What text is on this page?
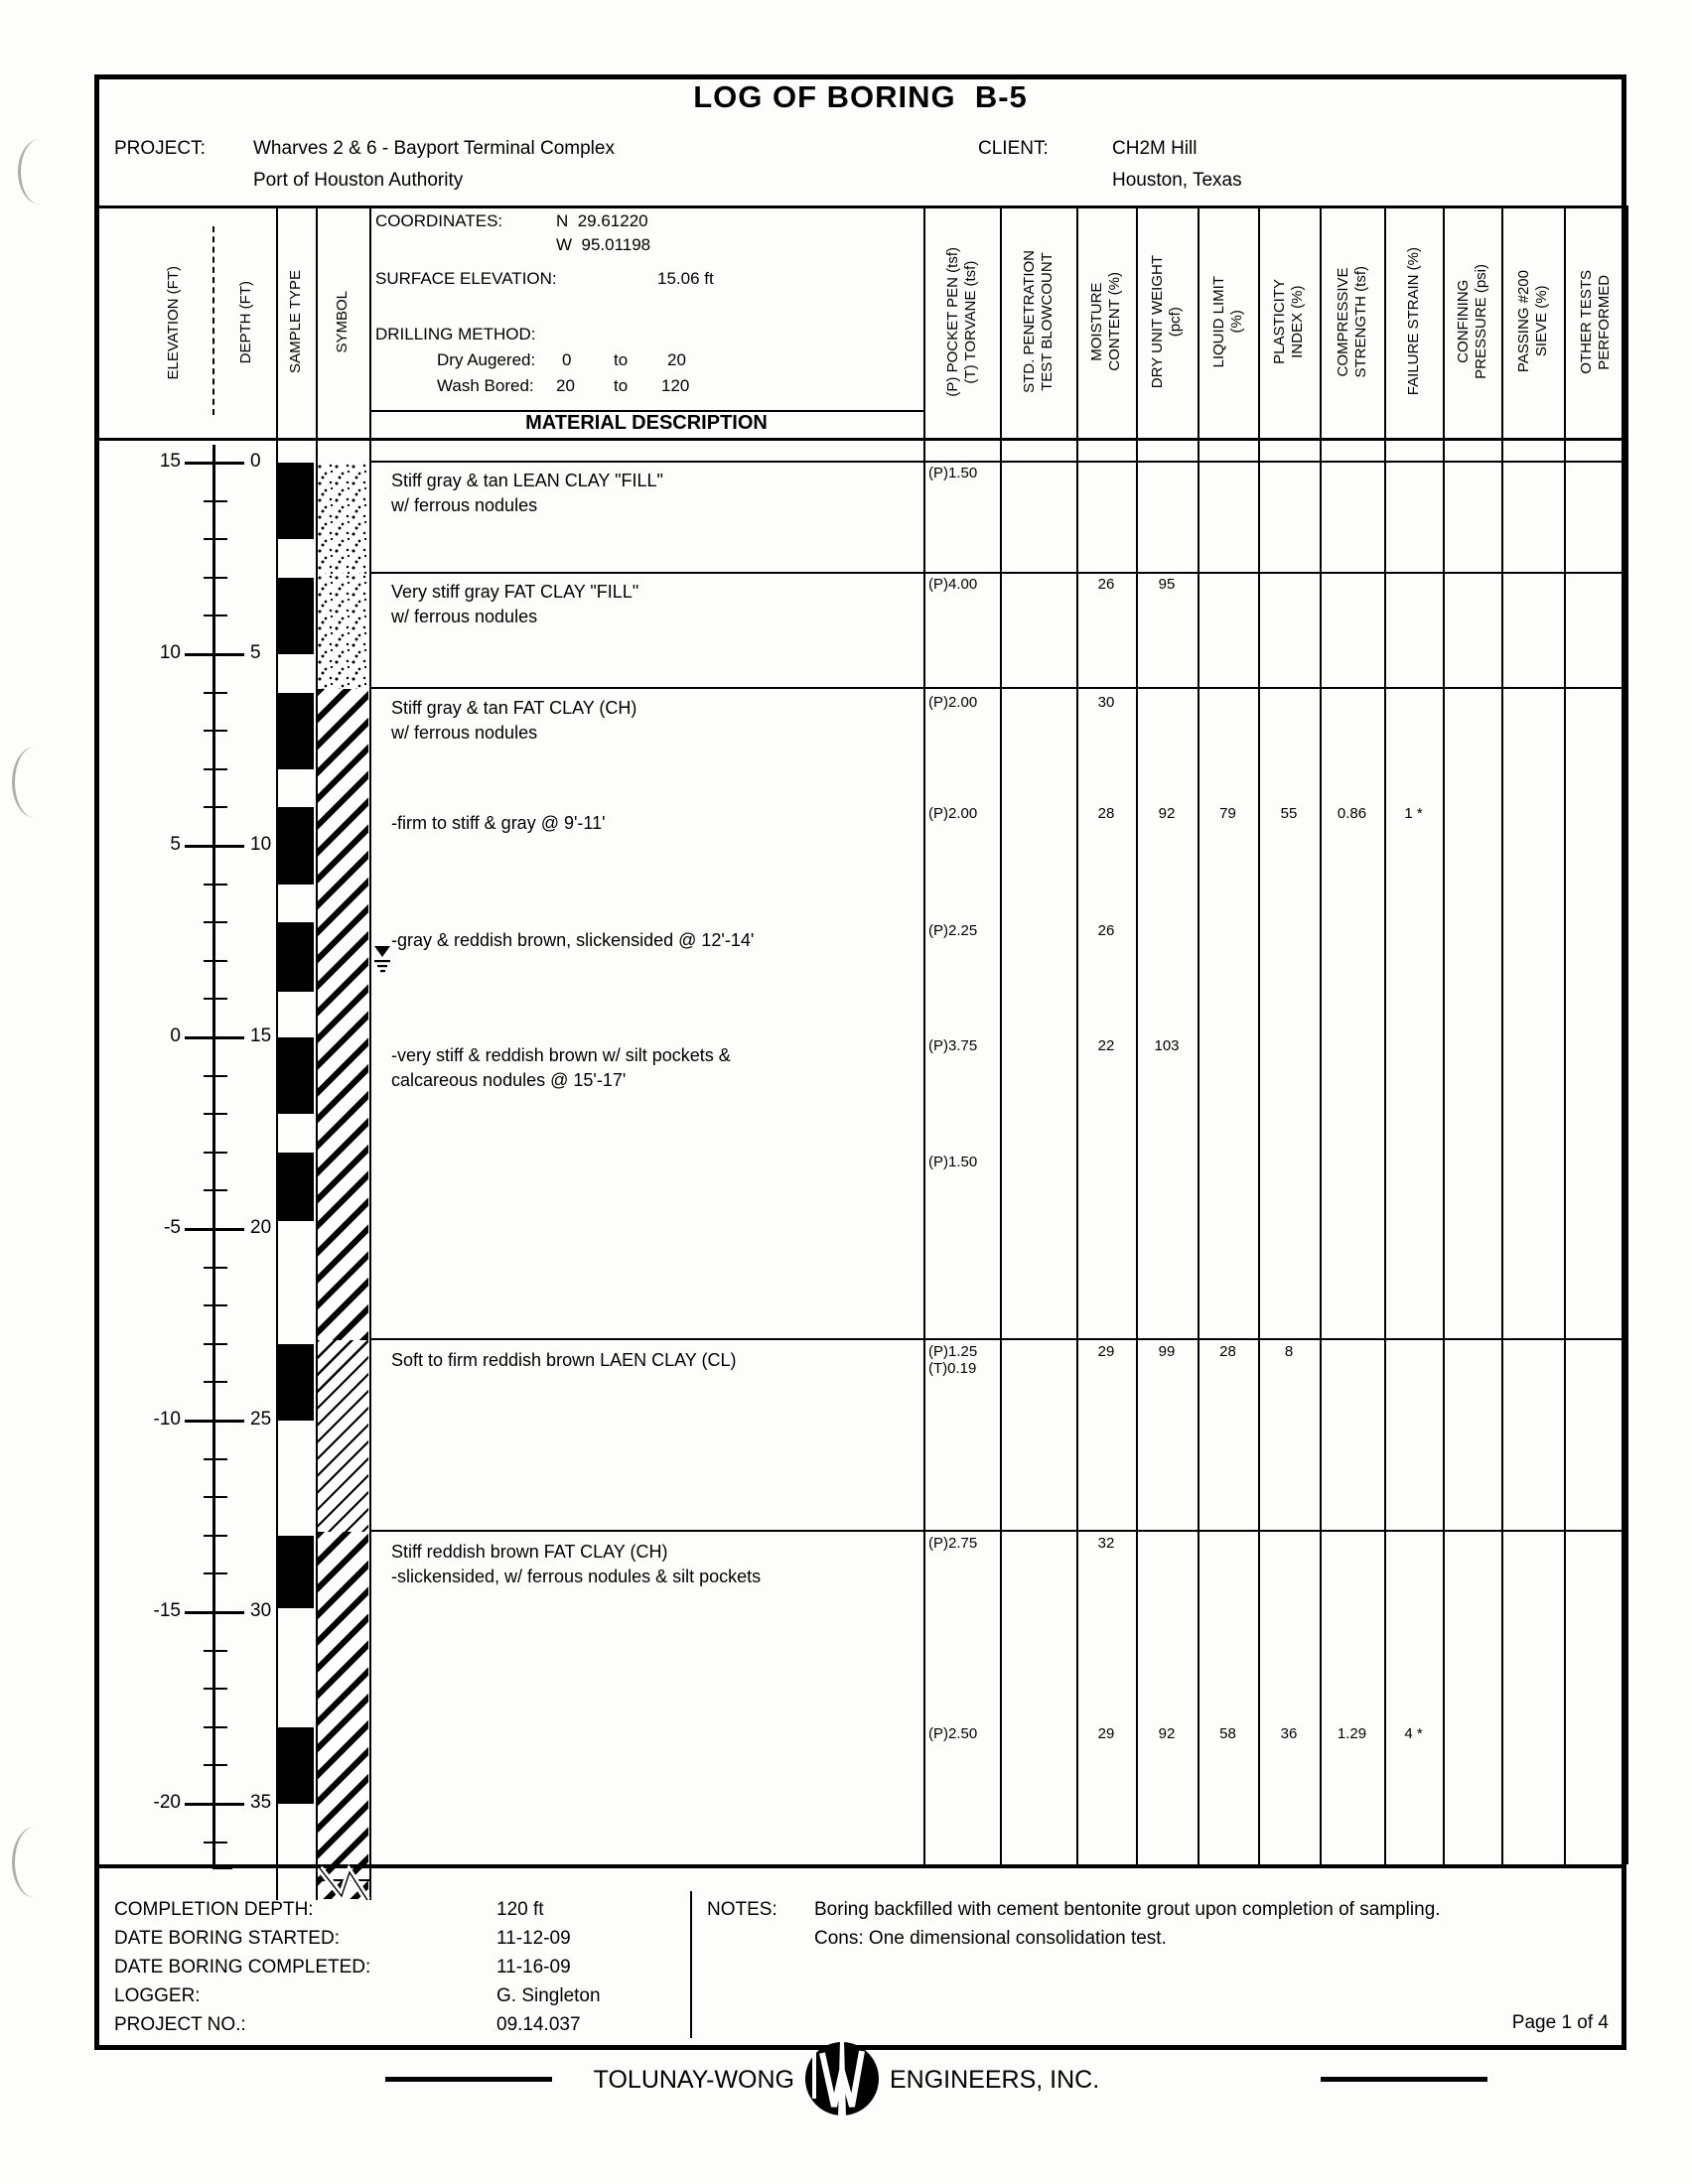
LOG OF BORING  B-5
PROJECT:	Wharves 2 & 6 - Bayport Terminal Complex
Port of Houston Authority
CLIENT:	CH2M Hill
Houston, Texas
ELEVATION (FT)	DEPTH (FT) SAMPLE TYPE SYMBOL
COORDINATES:	N  29.61220
W  95.01198
SURFACE ELEVATION:	15.06 ft
DRILLING METHOD:
Dry Augered: 0	to 20
Wash Bored: 20 to 120
MATERIAL DESCRIPTION
(P) POCKET PEN (tsf)
(T) TORVANE (tsf)
STD. PENETRATION
TEST BLOWCOUNT MOISTURE
CONTENT (%)
DRY UNIT WEIGHT
(pcf) LIQUID LIMIT
(%) PLASTICITY
INDEX (%) COMPRESSIVE
STRENGTH (tsf) FAILURE STRAIN (%) CONFINING
PRESSURE (psi)
PASSING #200
SIEVE (%)
OTHER TESTS
PERFORMED
15	0
10	5
5	10
0	15
-5	20
-10	25
-15	30
-20	35
Stiff gray & tan LEAN CLAY "FILL"
w/ ferrous nodules
Very stiff gray FAT CLAY "FILL"
w/ ferrous nodules
Stiff gray & tan FAT CLAY (CH)
w/ ferrous nodules
-firm to stiff & gray @ 9'-11'
-gray & reddish brown, slickensided @ 12'-14'
-very stiff & reddish brown w/ silt pockets &
calcareous nodules @ 15'-17'
Soft to firm reddish brown LAEN CLAY (CL)
Stiff reddish brown FAT CLAY (CH)
-slickensided, w/ ferrous nodules & silt pockets
(P)1.50
(P)4.00	26	95
(P)2.00	30
(P)2.00	28	92	79	55	0.86	1 *
(P)2.25	26
(P)3.75	22	103
(P)1.50
(P)1.25
(T)0.19
29	99	28	8
(P)2.75	32
(P)2.50	29	92	58	36	1.29	4 *
COMPLETION DEPTH:	120 ft
DATE BORING STARTED:	11-12-09
DATE BORING COMPLETED:	11-16-09
LOGGER:	G. Singleton
PROJECT NO.:	09.14.037
NOTES: Boring backfilled with cement bentonite grout upon completion of sampling.
Cons: One dimensional consolidation test.
Page 1 of 4
TOLUNAY-WONG	ENGINEERS, INC.
